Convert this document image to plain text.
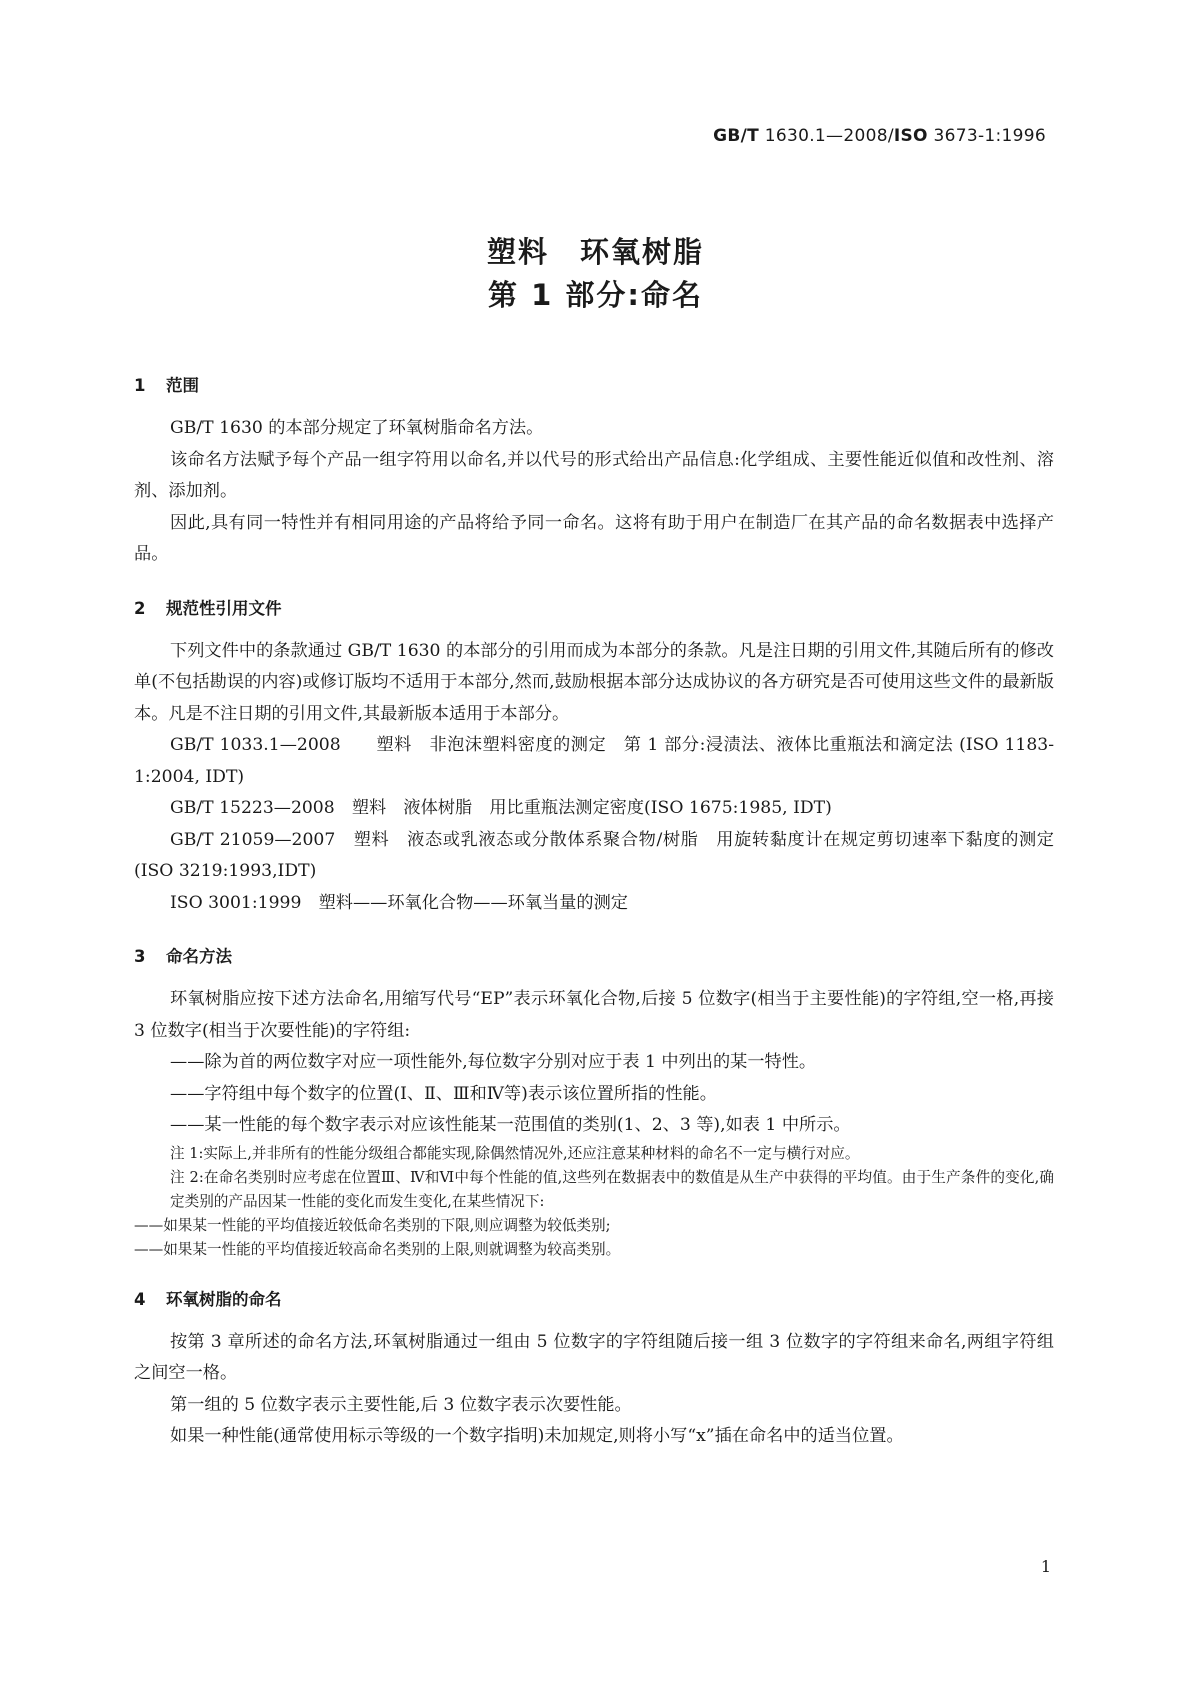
GB/T 1630.1—2008/ISO 3673-1:1996
塑料　环氧树脂
第 1 部分:命名
1 范围

GB/T 1630 的本部分规定了环氧树脂命名方法。

该命名方法赋予每个产品一组字符用以命名,并以代号的形式给出产品信息:化学组成、主要性能近似值和改性剂、溶剂、添加剂。

因此,具有同一特性并有相同用途的产品将给予同一命名。这将有助于用户在制造厂在其产品的命名数据表中选择产品。

2 规范性引用文件

下列文件中的条款通过 GB/T 1630 的本部分的引用而成为本部分的条款。凡是注日期的引用文件,其随后所有的修改单(不包括勘误的内容)或修订版均不适用于本部分,然而,鼓励根据本部分达成协议的各方研究是否可使用这些文件的最新版本。凡是不注日期的引用文件,其最新版本适用于本部分。

GB/T 1033.1—2008　　塑料　非泡沫塑料密度的测定　第 1 部分:浸渍法、液体比重瓶法和滴定法 (ISO 1183-1:2004, IDT)

GB/T 15223—2008　塑料　液体树脂　用比重瓶法测定密度(ISO 1675:1985, IDT)

GB/T 21059—2007　塑料　液态或乳液态或分散体系聚合物/树脂　用旋转黏度计在规定剪切速率下黏度的测定(ISO 3219:1993,IDT)

ISO 3001:1999　塑料——环氧化合物——环氧当量的测定

3 命名方法

环氧树脂应按下述方法命名,用缩写代号“EP”表示环氧化合物,后接 5 位数字(相当于主要性能)的字符组,空一格,再接 3 位数字(相当于次要性能)的字符组:

——除为首的两位数字对应一项性能外,每位数字分别对应于表 1 中列出的某一特性。

——字符组中每个数字的位置(Ⅰ、Ⅱ、Ⅲ和Ⅳ等)表示该位置所指的性能。

——某一性能的每个数字表示对应该性能某一范围值的类别(1、2、3 等),如表 1 中所示。

注 1:实际上,并非所有的性能分级组合都能实现,除偶然情况外,还应注意某种材料的命名不一定与横行对应。

注 2:在命名类别时应考虑在位置Ⅲ、Ⅳ和Ⅵ中每个性能的值,这些列在数据表中的数值是从生产中获得的平均值。由于生产条件的变化,确定类别的产品因某一性能的变化而发生变化,在某些情况下:

——如果某一性能的平均值接近较低命名类别的下限,则应调整为较低类别;

——如果某一性能的平均值接近较高命名类别的上限,则就调整为较高类别。

4 环氧树脂的命名

按第 3 章所述的命名方法,环氧树脂通过一组由 5 位数字的字符组随后接一组 3 位数字的字符组来命名,两组字符组之间空一格。

第一组的 5 位数字表示主要性能,后 3 位数字表示次要性能。

如果一种性能(通常使用标示等级的一个数字指明)未加规定,则将小写“x”插在命名中的适当位置。

1
